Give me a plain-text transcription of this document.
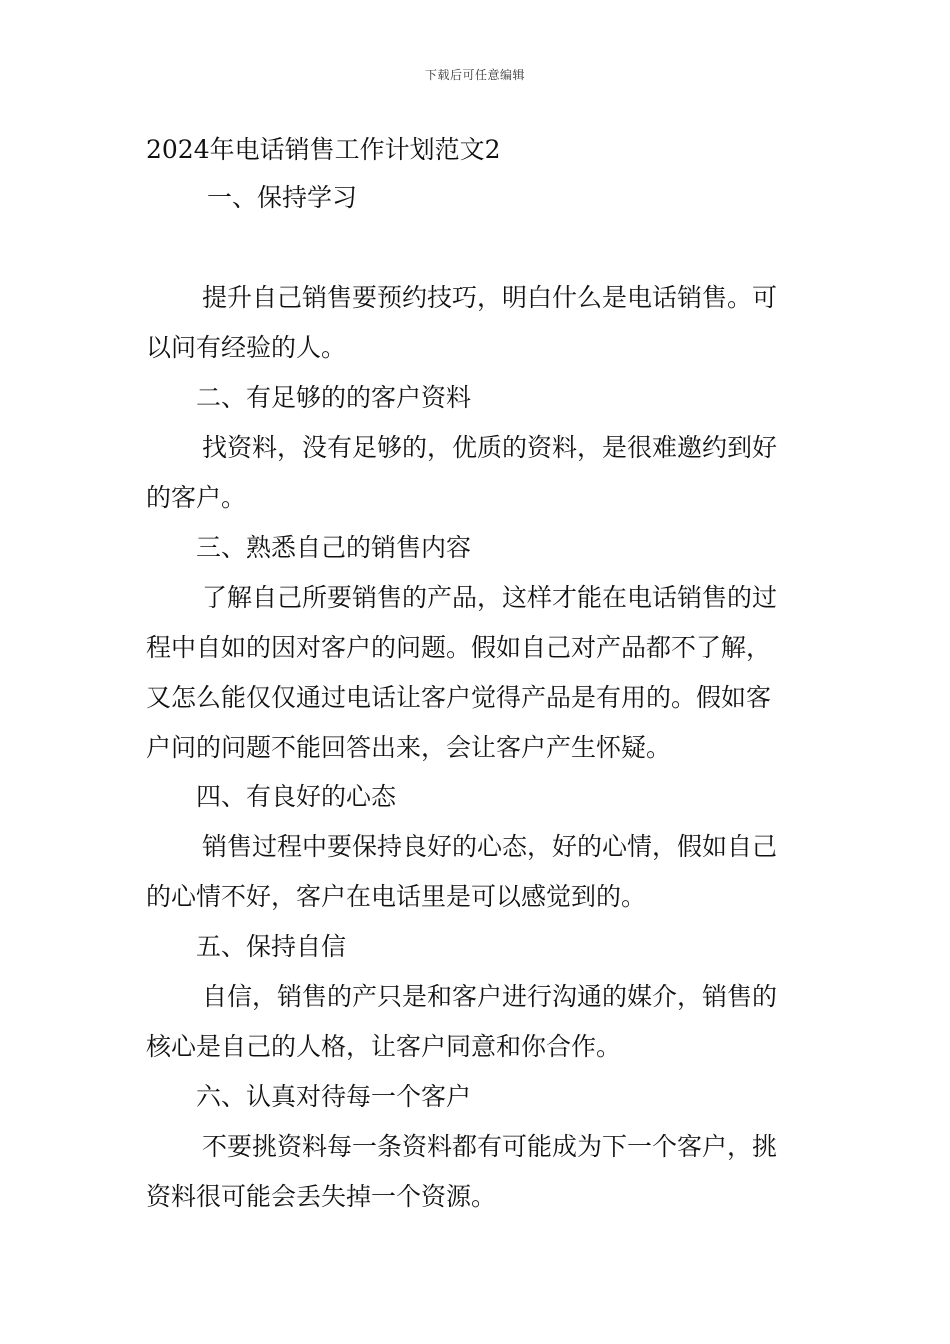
下载后可任意编辑
2024年电话销售工作计划范文2
一、保持学习
提升自己销售要预约技巧，明白什么是电话销售。可
以问有经验的人。
二、有足够的的客户资料
找资料，没有足够的，优质的资料，是很难邀约到好
的客户。
三、熟悉自己的销售内容
了解自己所要销售的产品，这样才能在电话销售的过
程中自如的因对客户的问题。假如自己对产品都不了解，
又怎么能仅仅通过电话让客户觉得产品是有用的。假如客
户问的问题不能回答出来，会让客户产生怀疑。
四、有良好的心态
销售过程中要保持良好的心态，好的心情，假如自己
的心情不好，客户在电话里是可以感觉到的。
五、保持自信
自信，销售的产只是和客户进行沟通的媒介，销售的
核心是自己的人格，让客户同意和你合作。
六、认真对待每一个客户
不要挑资料每一条资料都有可能成为下一个客户，挑
资料很可能会丢失掉一个资源。
